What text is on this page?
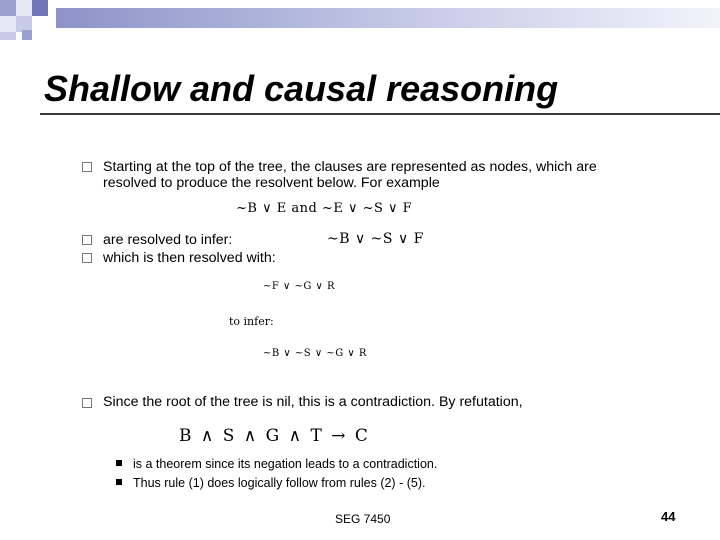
Shallow and causal reasoning
Starting at the top of the tree, the clauses are represented as nodes, which are
resolved to produce the resolvent below. For example
~B ∨ E and ~E ∨ ~S ∨ F
are resolved to infer:	~B ∨ ~S ∨ F
which is then resolved with:
~F ∨ ~G ∨ R
to infer:
~B ∨ ~S ∨ ~G ∨ R
Since the root of the tree is nil, this is a contradiction. By refutation,
B ∧ S ∧ G ∧ T → C
is a theorem since its negation leads to a contradiction.
Thus rule (1) does logically follow from rules (2) - (5).
SEG 7450	44
